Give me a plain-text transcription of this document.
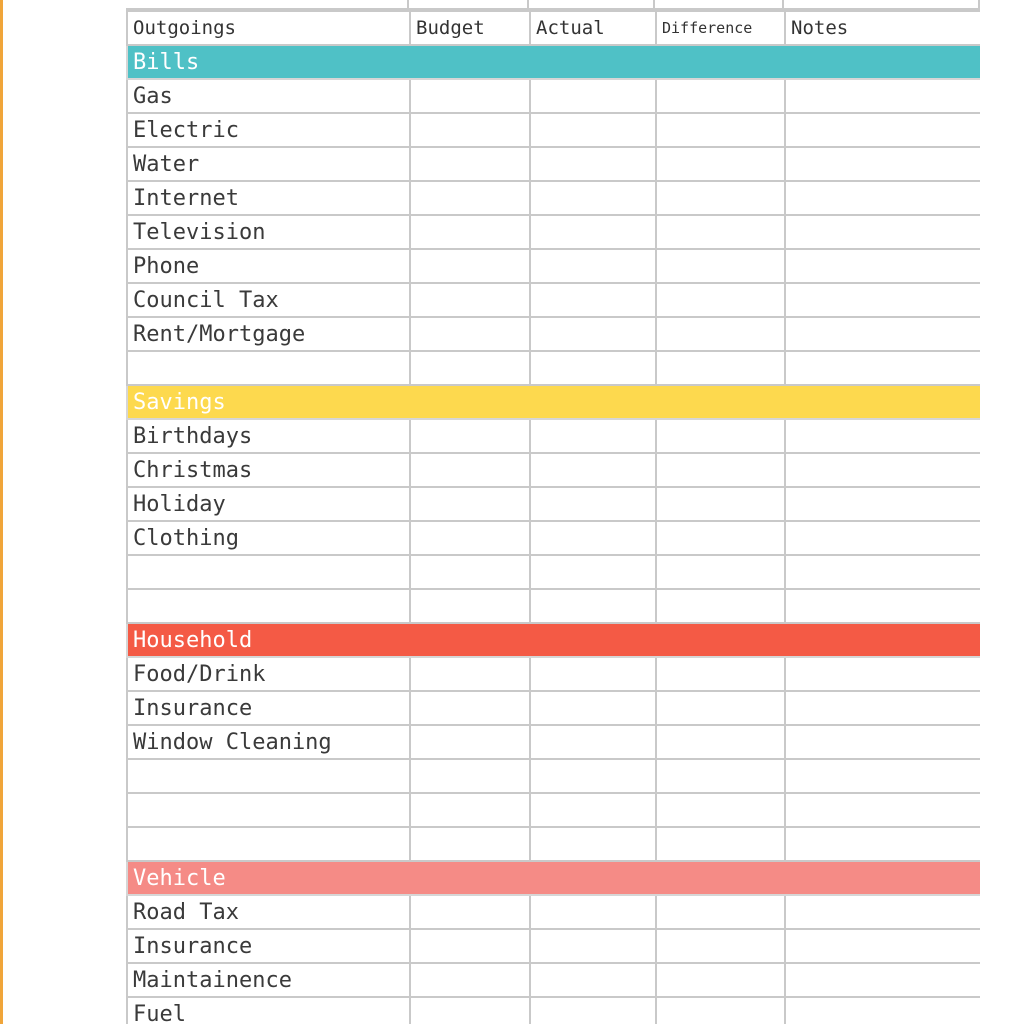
Outgoings	Budget	Actual	Difference	Notes
Bills				
Gas				
Electric				
Water				
Internet				
Television				
Phone				
Council Tax				
Rent/Mortgage				

Savings				
Birthdays				
Christmas				
Holiday				
Clothing				

Household				
Food/Drink				
Insurance				
Window Cleaning				

Vehicle				
Road Tax				
Insurance				
Maintainence				
Fuel				
